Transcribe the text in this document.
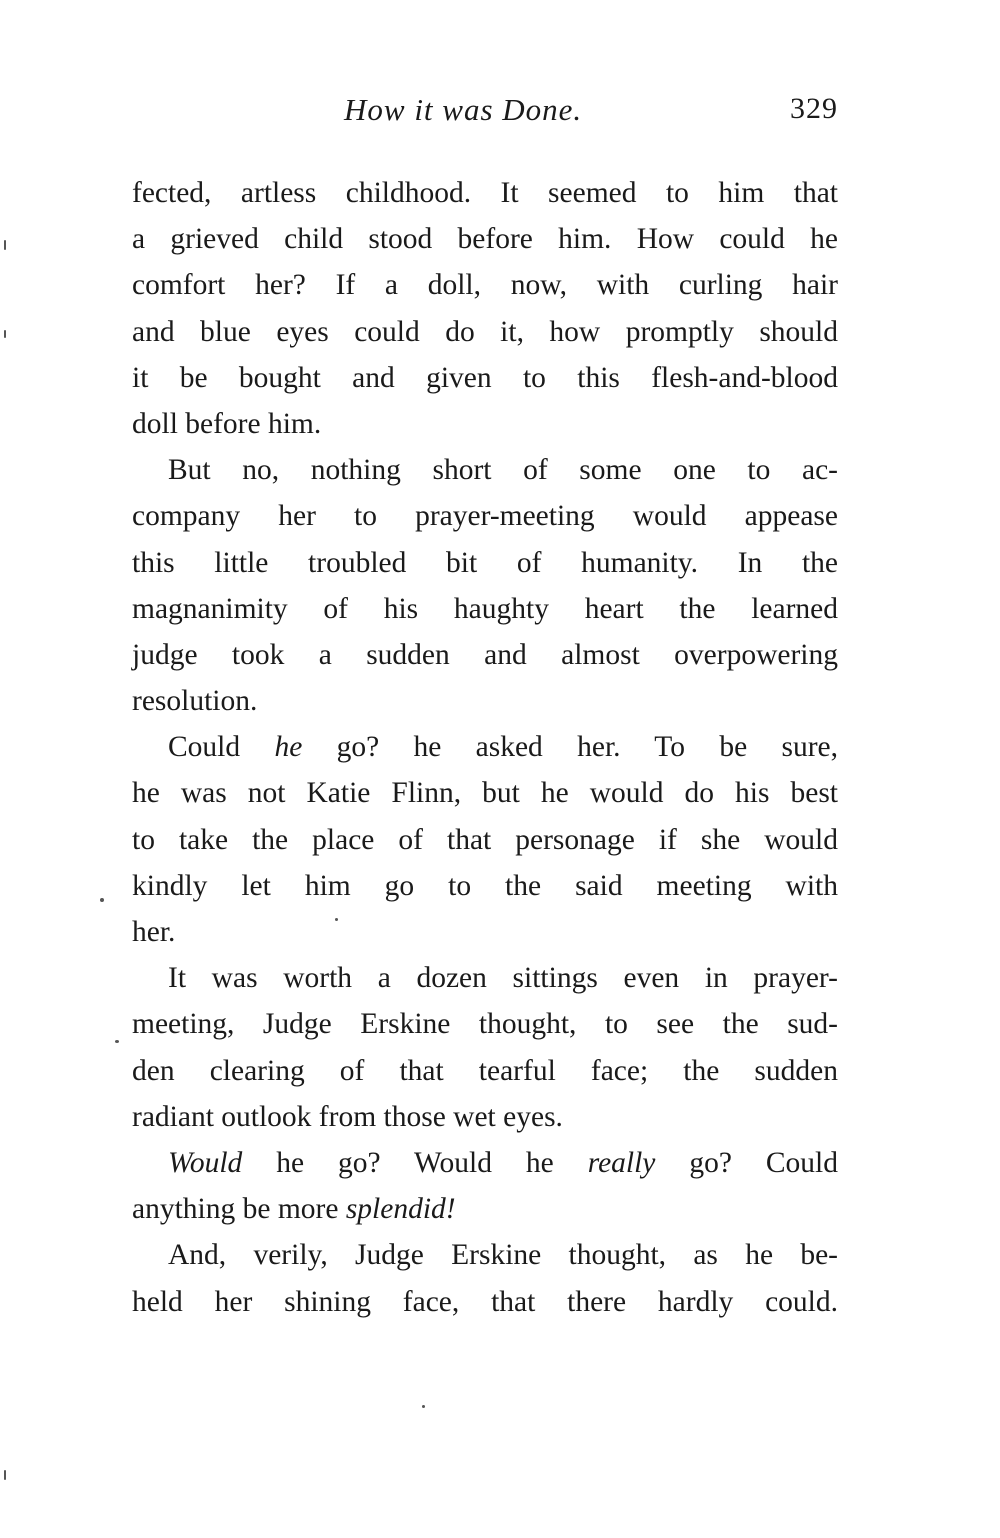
How it was Done.	329
fected, artless childhood. It seemed to him that
a grieved child stood before him. How could he
comfort her? If a doll, now, with curling hair
and blue eyes could do it, how promptly should
it be bought and given to this flesh-and-blood
doll before him.
But no, nothing short of some one to ac-
company her to prayer-meeting would appease
this little troubled bit of humanity. In the
magnanimity of his haughty heart the learned
judge took a sudden and almost overpowering
resolution.
Could he go? he asked her. To be sure,
he was not Katie Flinn, but he would do his best
to take the place of that personage if she would
kindly let him go to the said meeting with
her.
It was worth a dozen sittings even in prayer-
meeting, Judge Erskine thought, to see the sud-
den clearing of that tearful face; the sudden
radiant outlook from those wet eyes.
Would he go? Would he really go? Could
anything be more splendid!
And, verily, Judge Erskine thought, as he be-
held her shining face, that there hardly could.
